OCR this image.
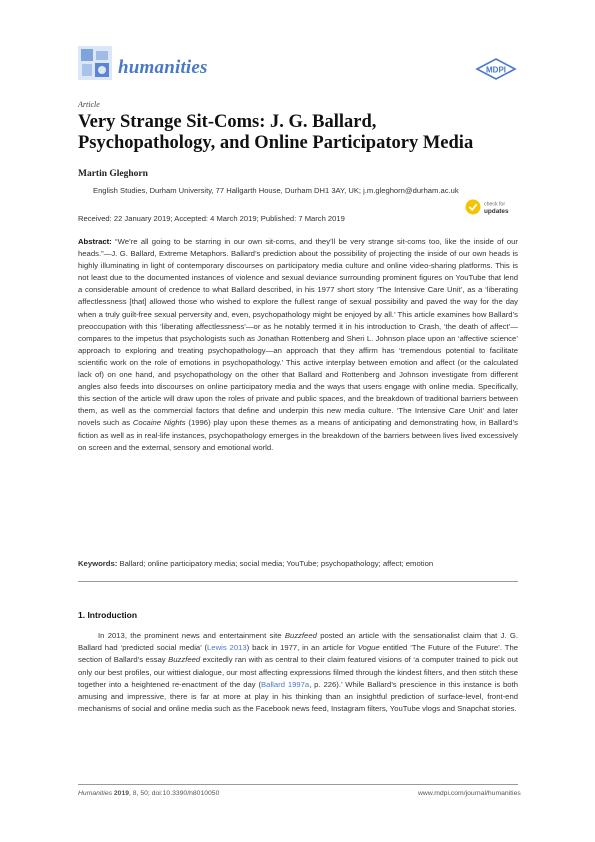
humanities	MDPI
Article
Very Strange Sit-Coms: J. G. Ballard, Psychopathology, and Online Participatory Media
Martin Gleghorn
English Studies, Durham University, 77 Hallgarth House, Durham DH1 3AY, UK; j.m.gleghorn@durham.ac.uk
check for
updates
Received: 22 January 2019; Accepted: 4 March 2019; Published: 7 March 2019
Abstract: “We’re all going to be starring in our own sit-coms, and they’ll be very strange sit-coms too, like the inside of our heads.”—J. G. Ballard, Extreme Metaphors. Ballard’s prediction about the possibility of projecting the inside of our own heads is highly illuminating in light of contemporary discourses on participatory media culture and online video-sharing platforms. This is not least due to the documented instances of violence and sexual deviance surrounding prominent figures on YouTube that lend a considerable amount of credence to what Ballard described, in his 1977 short story ‘The Intensive Care Unit’, as a ‘liberating affectlessness [that] allowed those who wished to explore the fullest range of sexual possibility and paved the way for the day when a truly guilt-free sexual perversity and, even, psychopathology might be enjoyed by all.’ This article examines how Ballard’s preoccupation with this ‘liberating affectlessness’—or as he notably termed it in his introduction to Crash, ‘the death of affect’—compares to the impetus that psychologists such as Jonathan Rottenberg and Sheri L. Johnson place upon an ‘affective science’ approach to exploring and treating psychopathology—an approach that they affirm has ‘tremendous potential to facilitate scientific work on the role of emotions in psychopathology.’ This active interplay between emotion and affect (or the calculated lack of) on one hand, and psychopathology on the other that Ballard and Rottenberg and Johnson investigate from different angles also feeds into discourses on online participatory media and the ways that users engage with online media. Specifically, this section of the article will draw upon the roles of private and public spaces, and the breakdown of traditional barriers between them, as well as the commercial factors that define and underpin this new media culture. ‘The Intensive Care Unit’ and later novels such as Cocaine Nights (1996) play upon these themes as a means of anticipating and demonstrating how, in Ballard’s fiction as well as in real-life instances, psychopathology emerges in the breakdown of the barriers between lives lived excessively on screen and the external, sensory and emotional world.
Keywords: Ballard; online participatory media; social media; YouTube; psychopathology; affect; emotion
1. Introduction
In 2013, the prominent news and entertainment site Buzzfeed posted an article with the sensationalist claim that J. G. Ballard had ‘predicted social media’ (Lewis 2013) back in 1977, in an article for Vogue entitled ‘The Future of the Future’. The section of Ballard’s essay Buzzfeed excitedly ran with as central to their claim featured visions of ‘a computer trained to pick out only our best profiles, our wittiest dialogue, our most affecting expressions filmed through the kindest filters, and then stitch these together into a heightened re-enactment of the day (Ballard 1997a, p. 226).’ While Ballard’s prescience in this instance is both amusing and impressive, there is far at more at play in his thinking than an insightful prediction of surface-level, front-end mechanisms of social and online media such as the Facebook news feed, Instagram filters, YouTube vlogs and Snapchat stories.
Humanities 2019, 8, 50; doi:10.3390/h8010050	www.mdpi.com/journal/humanities
